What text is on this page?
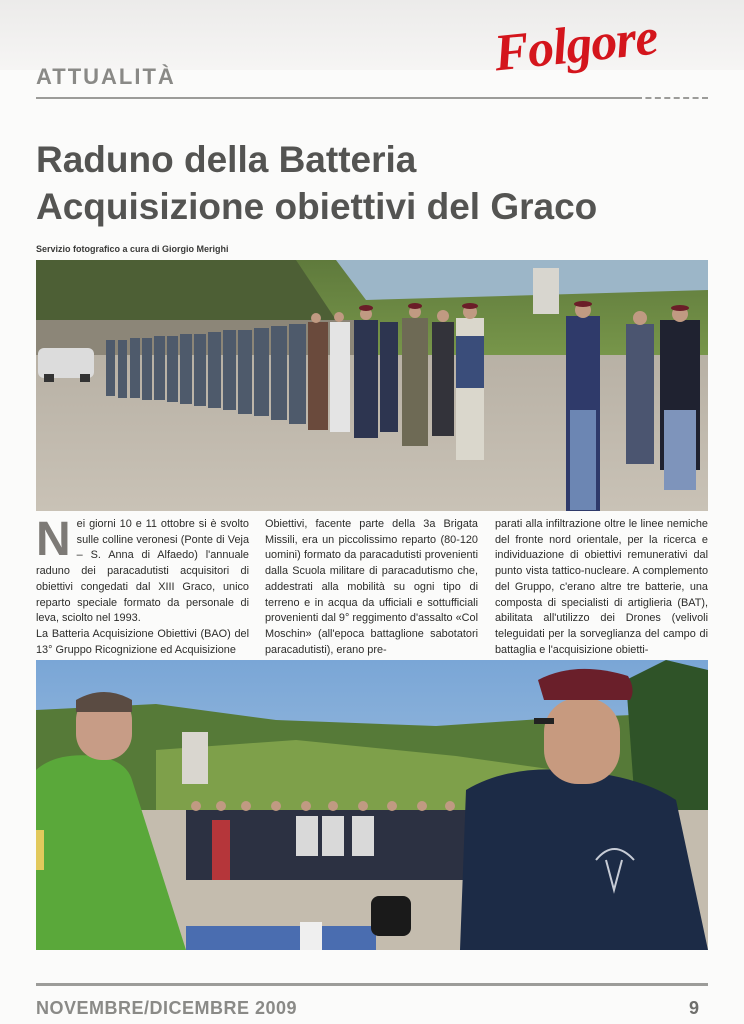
ATTUALITÀ	Folgore
Raduno della Batteria
Acquisizione obiettivi del Graco
Servizio fotografico a cura di Giorgio Merighi

Nei giorni 10 e 11 ottobre si è svolto sulle colline veronesi (Ponte di Veja – S. Anna di Alfaedo) l'annuale raduno dei paracadutisti acquisitori di obiettivi congedati dal XIII Graco, unico reparto speciale formato da personale di leva, sciolto nel 1993.

La Batteria Acquisizione Obiettivi (BAO) del 13° Gruppo Ricognizione ed Acquisizione

Obiettivi, facente parte della 3a Brigata Missili, era un piccolissimo reparto (80-120 uomini) formato da paracadutisti provenienti dalla Scuola militare di paracadutismo che, addestrati alla mobilità su ogni tipo di terreno e in acqua da ufficiali e sottufficiali provenienti dal 9° reggimento d'assalto «Col Moschin» (all'epoca battaglione sabotatori paracadutisti), erano pre-

parati alla infiltrazione oltre le linee nemiche del fronte nord orientale, per la ricerca e individuazione di obiettivi remunerativi dal punto vista tattico-nucleare. A complemento del Gruppo, c'erano altre tre batterie, una composta di specialisti di artiglieria (BAT), abilitata all'utilizzo dei Drones (velivoli teleguidati per la sorveglianza del campo di battaglia e l'acquisizione obietti-

NOVEMBRE/DICEMBRE 2009	9
